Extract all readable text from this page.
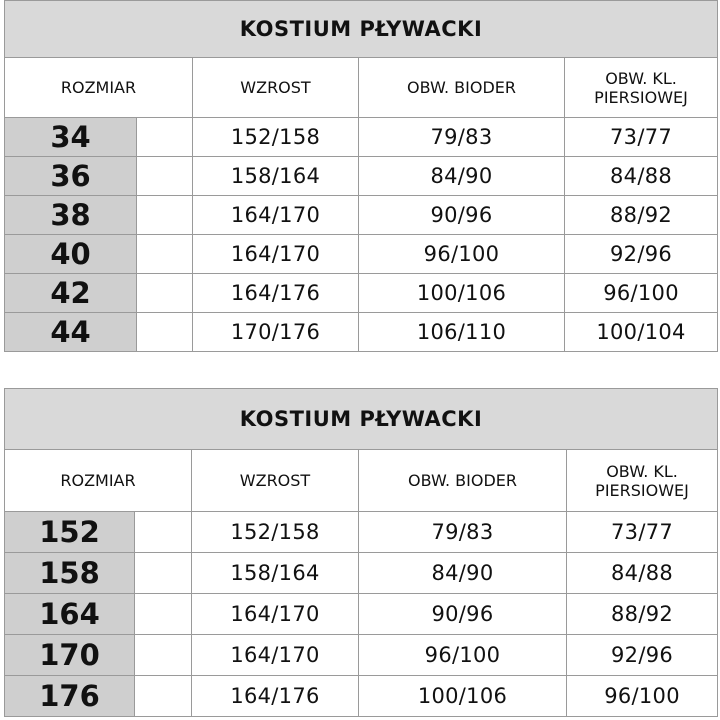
KOSTIUM PŁYWACKI				
ROZMIAR		WZROST	OBW. BIODER	OBW. KL.
PIERSIOWEJ
34		152/158	79/83	73/77
36		158/164	84/90	84/88
38		164/170	90/96	88/92
40		164/170	96/100	92/96
42		164/176	100/106	96/100
44		170/176	106/110	100/104
KOSTIUM PŁYWACKI				
ROZMIAR		WZROST	OBW. BIODER	OBW. KL.
PIERSIOWEJ
152		152/158	79/83	73/77
158		158/164	84/90	84/88
164		164/170	90/96	88/92
170		164/170	96/100	92/96
176		164/176	100/106	96/100
